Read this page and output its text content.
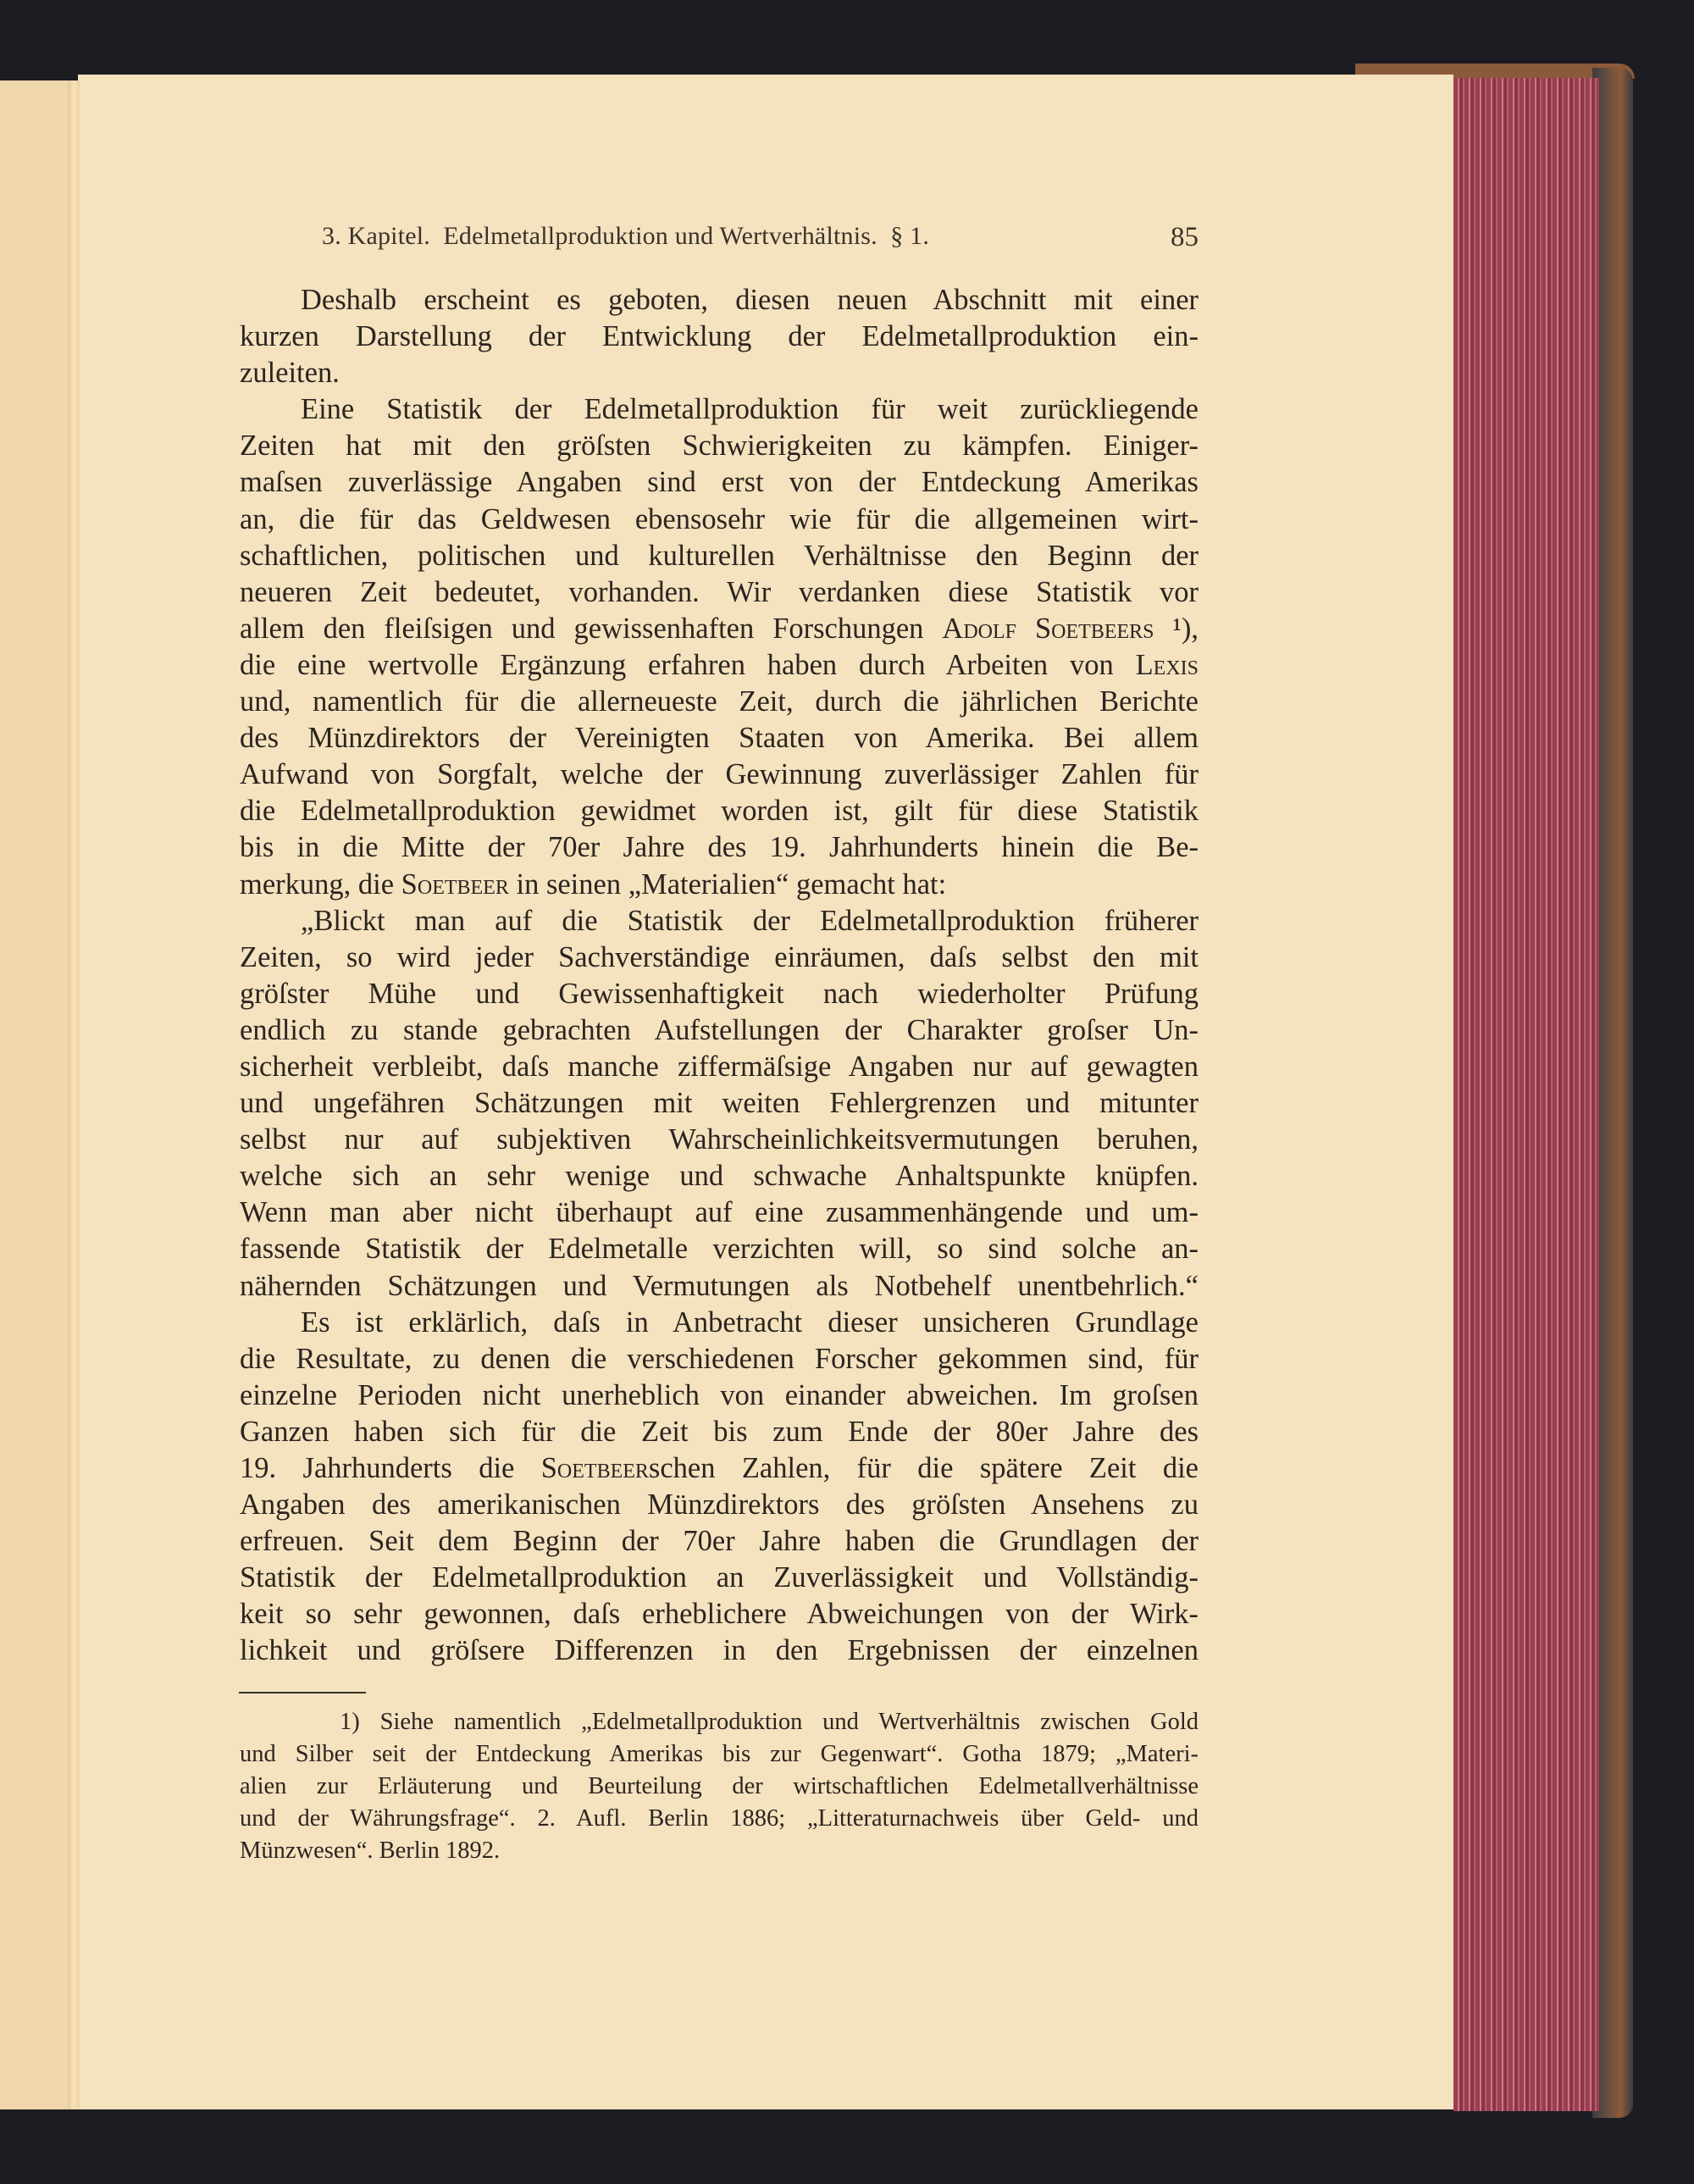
3. Kapitel.  Edelmetallproduktion und Wertverhältnis.  § 1.	85
Deshalb erscheint es geboten, diesen neuen Abschnitt mit einer
kurzen Darstellung der Entwicklung der Edelmetallproduktion ein-
zuleiten.
Eine Statistik der Edelmetallproduktion für weit zurückliegende
Zeiten hat mit den gröſsten Schwierigkeiten zu kämpfen. Einiger-
maſsen zuverlässige Angaben sind erst von der Entdeckung Amerikas
an, die für das Geldwesen ebensosehr wie für die allgemeinen wirt-
schaftlichen, politischen und kulturellen Verhältnisse den Beginn der
neueren Zeit bedeutet, vorhanden. Wir verdanken diese Statistik vor
allem den fleiſsigen und gewissenhaften Forschungen Adolf Soetbeers ¹),
die eine wertvolle Ergänzung erfahren haben durch Arbeiten von Lexis
und, namentlich für die allerneueste Zeit, durch die jährlichen Berichte
des Münzdirektors der Vereinigten Staaten von Amerika. Bei allem
Aufwand von Sorgfalt, welche der Gewinnung zuverlässiger Zahlen für
die Edelmetallproduktion gewidmet worden ist, gilt für diese Statistik
bis in die Mitte der 70er Jahre des 19. Jahrhunderts hinein die Be-
merkung, die Soetbeer in seinen „Materialien“ gemacht hat:
„Blickt man auf die Statistik der Edelmetallproduktion früherer
Zeiten, so wird jeder Sachverständige einräumen, daſs selbst den mit
gröſster Mühe und Gewissenhaftigkeit nach wiederholter Prüfung
endlich zu stande gebrachten Aufstellungen der Charakter groſser Un-
sicherheit verbleibt, daſs manche ziffermäſsige Angaben nur auf gewagten
und ungefähren Schätzungen mit weiten Fehlergrenzen und mitunter
selbst nur auf subjektiven Wahrscheinlichkeitsvermutungen beruhen,
welche sich an sehr wenige und schwache Anhaltspunkte knüpfen.
Wenn man aber nicht überhaupt auf eine zusammenhängende und um-
fassende Statistik der Edelmetalle verzichten will, so sind solche an-
nähernden Schätzungen und Vermutungen als Notbehelf unentbehrlich.“
Es ist erklärlich, daſs in Anbetracht dieser unsicheren Grundlage
die Resultate, zu denen die verschiedenen Forscher gekommen sind, für
einzelne Perioden nicht unerheblich von einander abweichen. Im groſsen
Ganzen haben sich für die Zeit bis zum Ende der 80er Jahre des
19. Jahrhunderts die Soetbeerschen Zahlen, für die spätere Zeit die
Angaben des amerikanischen Münzdirektors des gröſsten Ansehens zu
erfreuen. Seit dem Beginn der 70er Jahre haben die Grundlagen der
Statistik der Edelmetallproduktion an Zuverlässigkeit und Vollständig-
keit so sehr gewonnen, daſs erheblichere Abweichungen von der Wirk-
lichkeit und gröſsere Differenzen in den Ergebnissen der einzelnen
1) Siehe namentlich „Edelmetallproduktion und Wertverhältnis zwischen Gold
und Silber seit der Entdeckung Amerikas bis zur Gegenwart“. Gotha 1879; „Materi-
alien zur Erläuterung und Beurteilung der wirtschaftlichen Edelmetallverhältnisse
und der Währungsfrage“. 2. Aufl. Berlin 1886; „Litteraturnachweis über Geld- und
Münzwesen“. Berlin 1892.
